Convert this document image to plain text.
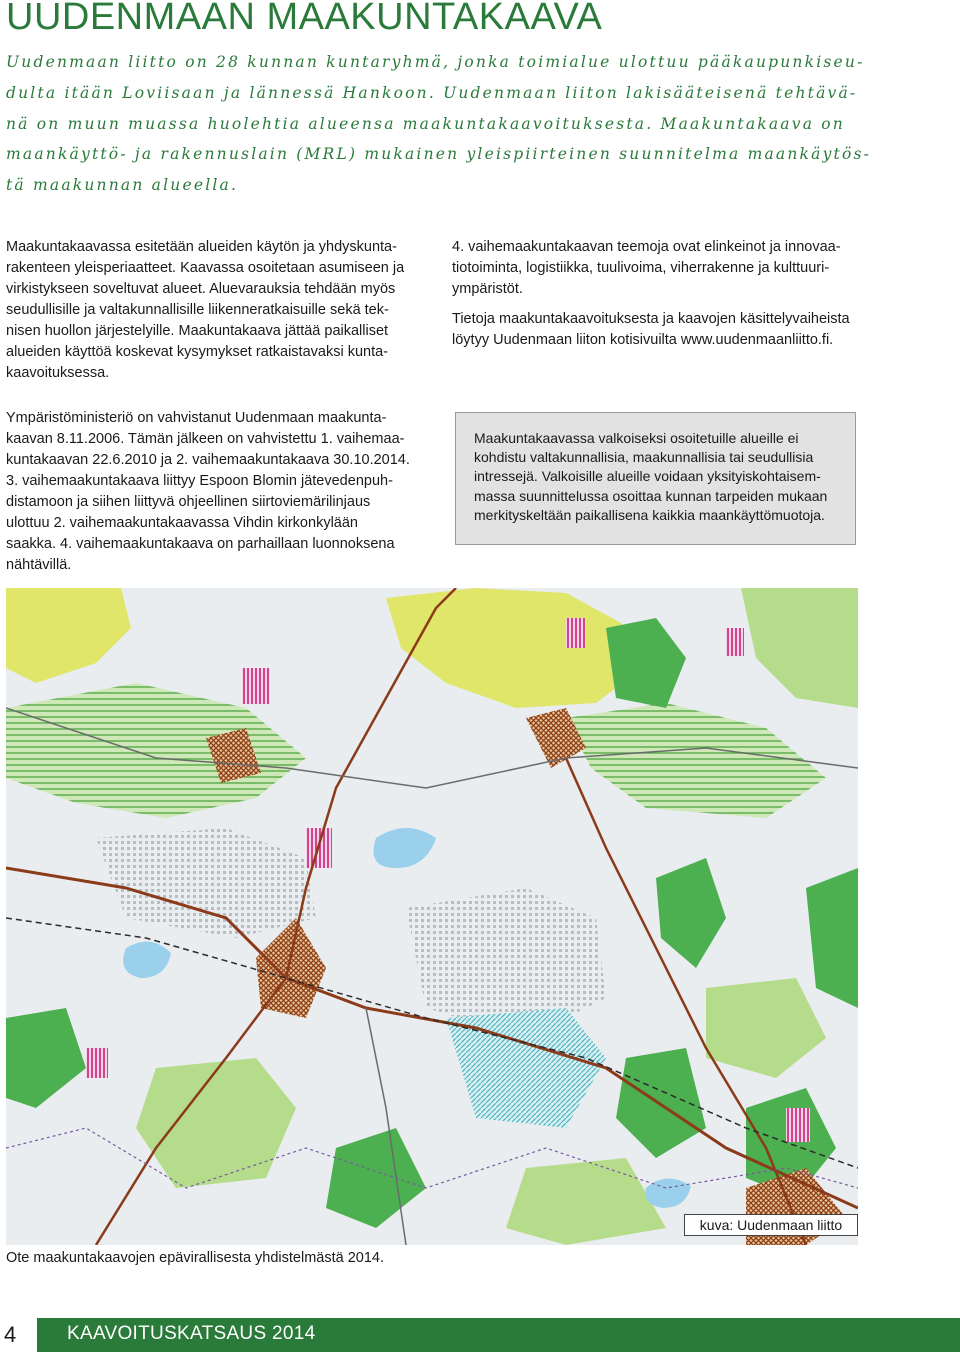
UUDENMAAN MAAKUNTAKAAVA
Uudenmaan liitto on 28 kunnan kuntaryhmä, jonka toimialue ulottuu pääkaupunkiseu-
dulta itään Loviisaan ja lännessä Hankoon. Uudenmaan liiton lakisääteisenä tehtävä-
nä on muun muassa huolehtia alueensa maakuntakaavoituksesta. Maakuntakaava on
maankäyttö- ja rakennuslain (MRL) mukainen yleispiirteinen suunnitelma maankäytös-
tä maakunnan alueella.

Maakuntakaavassa esitetään alueiden käytön ja yhdyskunta-
rakenteen yleisperiaatteet. Kaavassa osoitetaan asumiseen ja
virkistykseen soveltuvat alueet. Aluevarauksia tehdään myös
seudullisille ja valtakunnallisille liikenneratkaisuille sekä tek-
nisen huollon järjestelyille. Maakuntakaava jättää paikalliset
alueiden käyttöä koskevat kysymykset ratkaistavaksi kunta-
kaavoituksessa.

Ympäristöministeriö on vahvistanut Uudenmaan maakunta-
kaavan 8.11.2006. Tämän jälkeen on vahvistettu 1. vaihemaa-
kuntakaavan 22.6.2010 ja 2. vaihemaakuntakaava 30.10.2014.
3. vaihemaakuntakaava liittyy Espoon Blomin jätevedenpuh-
distamoon ja siihen liittyvä ohjeellinen siirtoviemärilinjaus
ulottuu 2. vaihemaakuntakaavassa Vihdin kirkonkylään
saakka. 4. vaihemaakuntakaava on parhaillaan luonnoksena
nähtävillä.

4. vaihemaakuntakaavan teemoja ovat elinkeinot ja innovaa-
tiotoiminta, logistiikka, tuulivoima, viherrakenne ja kulttuuri-
ympäristöt.

Tietoja maakuntakaavoituksesta ja kaavojen käsittelyvaiheista
löytyy Uudenmaan liiton kotisivuilta www.uudenmaanliitto.fi.

Maakuntakaavassa valkoiseksi osoitetuille alueille ei
kohdistu valtakunnallisia, maakunnallisia tai seudullisia
intressejä. Valkoisille alueille voidaan yksityiskohtaisem-
massa suunnittelussa osoittaa kunnan tarpeiden mukaan
merkityskeltään paikallisena kaikkia maankäyttömuotoja.

kuva: Uudenmaan liitto

Ote maakuntakaavojen epävirallisesta yhdistelmästä 2014.

4	KAAVOITUSKATSAUS 2014
